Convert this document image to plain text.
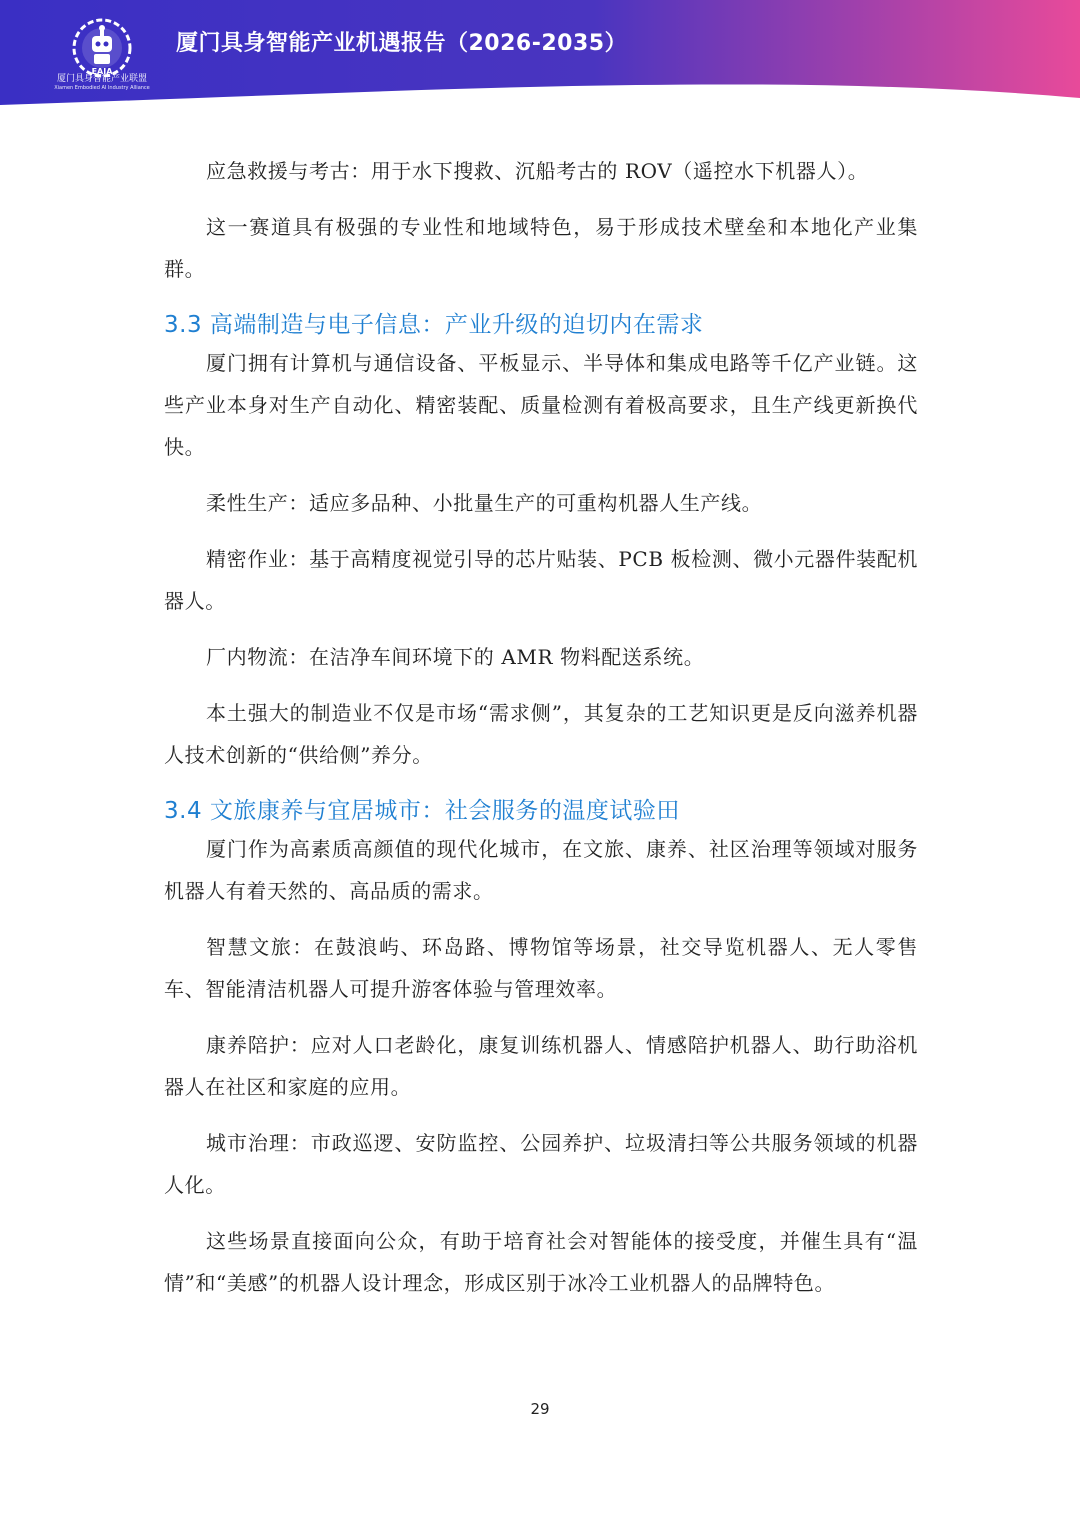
EAIA
厦门具身智能产业联盟
Xiamen Embodied AI Industry Alliance
厦门具身智能产业机遇报告（2026-2035）

应急救援与考古：用于水下搜救、沉船考古的 ROV（遥控水下机器人）。

这一赛道具有极强的专业性和地域特色，易于形成技术壁垒和本地化产业集群。

3.3 高端制造与电子信息：产业升级的迫切内在需求

厦门拥有计算机与通信设备、平板显示、半导体和集成电路等千亿产业链。这些产业本身对生产自动化、精密装配、质量检测有着极高要求，且生产线更新换代快。

柔性生产：适应多品种、小批量生产的可重构机器人生产线。

精密作业：基于高精度视觉引导的芯片贴装、PCB 板检测、微小元器件装配机器人。

厂内物流：在洁净车间环境下的 AMR 物料配送系统。

本土强大的制造业不仅是市场“需求侧”，其复杂的工艺知识更是反向滋养机器人技术创新的“供给侧”养分。

3.4 文旅康养与宜居城市：社会服务的温度试验田

厦门作为高素质高颜值的现代化城市，在文旅、康养、社区治理等领域对服务机器人有着天然的、高品质的需求。

智慧文旅：在鼓浪屿、环岛路、博物馆等场景，社交导览机器人、无人零售车、智能清洁机器人可提升游客体验与管理效率。

康养陪护：应对人口老龄化，康复训练机器人、情感陪护机器人、助行助浴机器人在社区和家庭的应用。

城市治理：市政巡逻、安防监控、公园养护、垃圾清扫等公共服务领域的机器人化。

这些场景直接面向公众，有助于培育社会对智能体的接受度，并催生具有“温情”和“美感”的机器人设计理念，形成区别于冰冷工业机器人的品牌特色。

29
